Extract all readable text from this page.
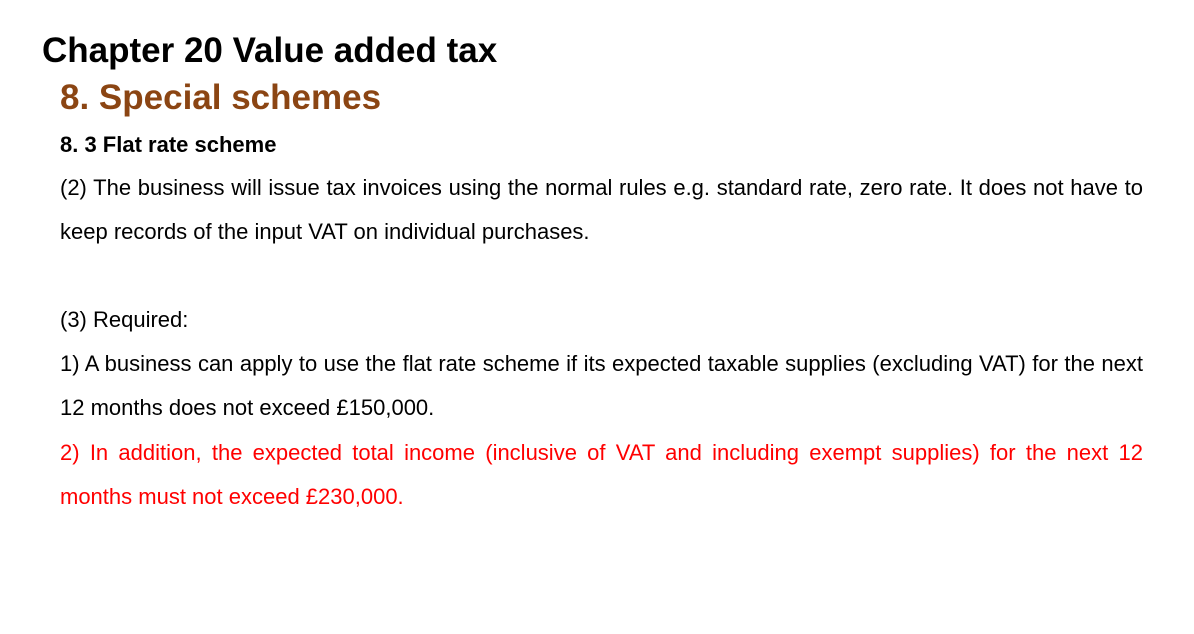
Chapter 20 Value added tax
8. Special schemes
8. 3 Flat rate scheme

(2) The business will issue tax invoices using the normal rules e.g. standard rate, zero rate. It does not have to keep records of the input VAT on individual purchases.

(3) Required:

1) A business can apply to use the flat rate scheme if its expected taxable supplies (excluding VAT) for the next 12 months does not exceed £150,000.

2) In addition, the expected total income (inclusive of VAT and including exempt supplies) for the next 12 months must not exceed £230,000.
